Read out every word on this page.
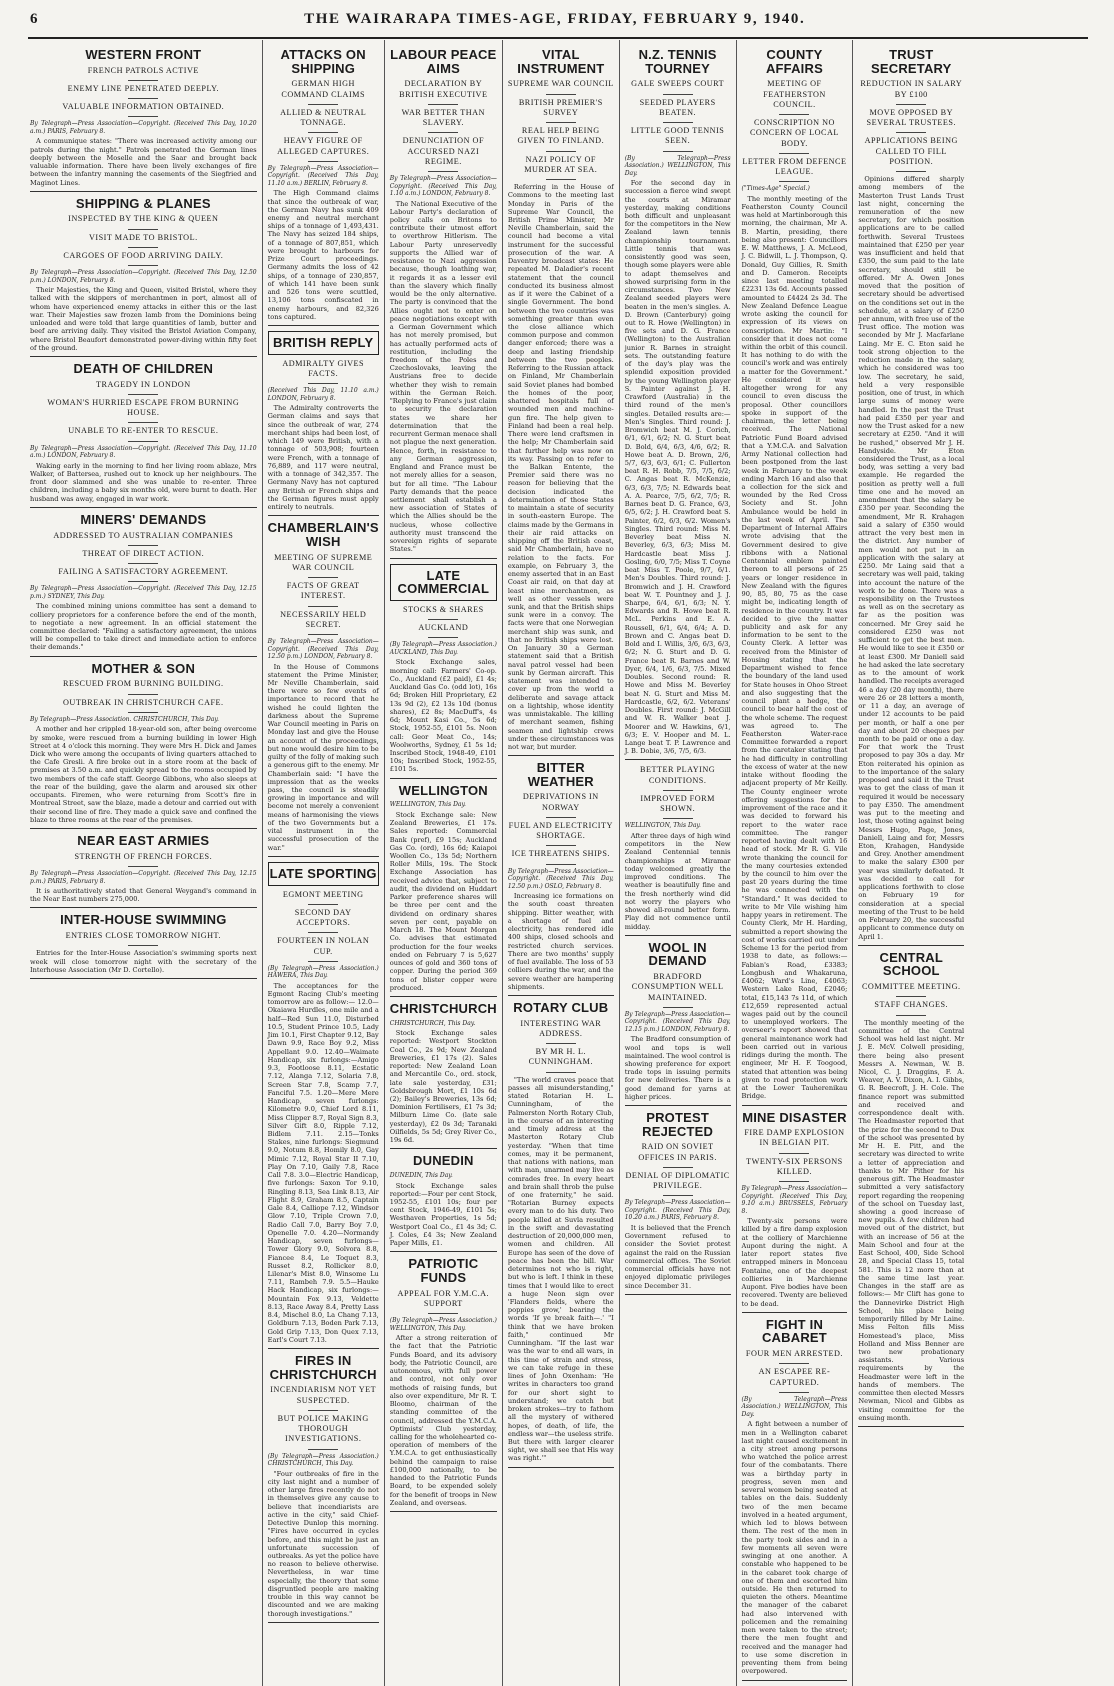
6	THE WAIRARAPA TIMES-AGE, FRIDAY, FEBRUARY 9, 1940.
WESTERN FRONT
FRENCH PATROLS ACTIVE
ENEMY LINE PENETRATED DEEPLY.
VALUABLE INFORMATION OBTAINED.
By Telegraph—Press Association—Copyright. (Received This Day, 10.20 a.m.) PARIS, February 8.

A communique states: "There was increased activity among our patrols during the night." Patrols penetrated the German lines deeply between the Moselle and the Saar and brought back valuable information. There have been lively exchanges of fire between the infantry manning the casements of the Siegfried and Maginot Lines.

SHIPPING & PLANES
INSPECTED BY THE KING & QUEEN
VISIT MADE TO BRISTOL.
CARGOES OF FOOD ARRIVING DAILY.
By Telegraph—Press Association—Copyright. (Received This Day, 12.50 p.m.) LONDON, February 8.

Their Majesties, the King and Queen, visited Bristol, where they talked with the skippers of merchantmen in port, almost all of whom have experienced enemy attacks in either this or the last war. Their Majesties saw frozen lamb from the Dominions being unloaded and were told that large quantities of lamb, butter and beef are arriving daily. They visited the Bristol Aviation Company, where Bristol Beaufort demonstrated power-diving within fifty feet of the ground.

DEATH OF CHILDREN
TRAGEDY IN LONDON
WOMAN'S HURRIED ESCAPE FROM BURNING HOUSE.
UNABLE TO RE-ENTER TO RESCUE.
By Telegraph—Press Association—Copyright. (Received This Day, 11.10 a.m.) LONDON, February 8.

Waking early in the morning to find her living room ablaze, Mrs Walker, of Battersea, rushed out to knock up her neighbours. The front door slammed and she was unable to re-enter. Three children, including a baby six months old, were burnt to death. Her husband was away, engaged in war work.

MINERS' DEMANDS
ADDRESSED TO AUSTRALIAN COMPANIES
THREAT OF DIRECT ACTION.
FAILING A SATISFACTORY AGREEMENT.
By Telegraph—Press Association—Copyright. (Received This Day, 12.15 p.m.) SYDNEY, This Day.

The combined mining unions committee has sent a demand to colliery proprietors for a conference before the end of the month, to negotiate a new agreement. In an official statement the committee declared: "Failing a satisfactory agreement, the unions will be compelled to take direct and immediate action to enforce their demands."

MOTHER & SON
RESCUED FROM BURNING BUILDING.
OUTBREAK IN CHRISTCHURCH CAFE.
By Telegraph—Press Association. CHRISTCHURCH, This Day.

A mother and her crippled 18-year-old son, after being overcome by smoke, were rescued from a burning building in lower High Street at 4 o'clock this morning. They were Mrs H. Dick and James Dick who were among the occupants of living quarters attached to the Cafe Gresli. A fire broke out in a store room at the back of premises at 3.50 a.m. and quickly spread to the rooms occupied by two members of the cafe staff. George Gibbons, who also sleeps at the rear of the building, gave the alarm and aroused six other occupants. Firemen, who were returning from Scott's fire in Montreal Street, saw the blaze, made a detour and carried out with their second line of fire. They made a quick save and confined the blaze to three rooms at the rear of the premises.

NEAR EAST ARMIES
STRENGTH OF FRENCH FORCES.
By Telegraph—Press Association—Copyright. (Received This Day, 12.15 p.m.) PARIS, February 8.

It is authoritatively stated that General Weygand's command in the Near East numbers 275,000.

INTER-HOUSE SWIMMING
ENTRIES CLOSE TOMORROW NIGHT.

Entries for the Inter-House Association's swimming sports next week will close tomorrow night with the secretary of the Interhouse Association (Mr D. Cortello).

ATTACKS ON SHIPPING
GERMAN HIGH COMMAND CLAIMS
ALLIED & NEUTRAL TONNAGE.
HEAVY FIGURE OF ALLEGED CAPTURES.
By Telegraph—Press Association—Copyright. (Received This Day, 11.10 a.m.) BERLIN, February 8.

The High Command claims that since the outbreak of war, the German Navy has sunk 409 enemy and neutral merchant ships of a tonnage of 1,493,431. The Navy has seized 184 ships, of a tonnage of 807,851, which were brought to harbours for Prize Court proceedings. Germany admits the loss of 42 ships, of a tonnage of 230,857, of which 141 have been sunk and 526 tons were scuttled, 13,106 tons confiscated in enemy harbours, and 82,326 tons captured.

BRITISH REPLY
ADMIRALTY GIVES FACTS.
(Received This Day, 11.10 a.m.) LONDON, February 8.

The Admiralty controverts the German claims and says that since the outbreak of war, 274 merchant ships had been lost, of which 149 were British, with a tonnage of 503,908; fourteen were French, with a tonnage of 76,889, and 117 were neutral, with a tonnage of 342,357. The Germany Navy has not captured any British or French ships and the German figures must apply entirely to neutrals.

CHAMBERLAIN'S WISH
MEETING OF SUPREME WAR COUNCIL
FACTS OF GREAT INTEREST.
NECESSARILY HELD SECRET.
By Telegraph—Press Association—Copyright. (Received This Day, 12.50 p.m.) LONDON, February 8.

In the House of Commons statement the Prime Minister, Mr Neville Chamberlain, said there were so few events of importance to record that he wished he could lighten the darkness about the Supreme War Council meeting in Paris on Monday last and give the House an account of the proceedings, but none would desire him to be guilty of the folly of making such a generous gift to the enemy. Mr Chamberlain said: "I have the impression that as the weeks pass, the council is steadily growing in importance and will become not merely a convenient means of harmonising the views of the two Governments but a vital instrument in the successful prosecution of the war."

LATE SPORTING
EGMONT MEETING
SECOND DAY ACCEPTORS.
FOURTEEN IN NOLAN CUP.
(By Telegraph—Press Association.) HAWERA, This Day.

The acceptances for the Egmont Racing Club's meeting tomorrow are as follow:— 12.0—Okaiawa Hurdles, one mile and a half—Red Sun 11.0, Disturbed 10.5, Student Prince 10.5, Lady Jim 10.1, First Chapter 9.12, Bay Dawn 9.9, Race Boy 9.2, Miss Appellant 9.0. 12.40—Waimate Handicap, six furlongs:—Amigo 9.3, Footloose 8.11, Ecstatic 7.12, Alanga 7.12, Solaria 7.8, Screen Star 7.8, Scamp 7.7, Fanciful 7.5. 1.20—Mere Mere Handicap, seven furlongs: Kilometre 9.0, Chief Lord 8.11, Miss Clipper 8.7, Royal Sign 8.3, Silver Gift 8.0, Ripple 7.12, Bidlem 7.11. 2.15—Tonks Stakes, nine furlongs: Siegmund 9.0, Notum 8.8, Homily 8.0, Gay Mimic 7.12, Royal Star II 7.10, Play On 7.10, Gaily 7.8, Race Call 7.8. 3.0—Electric Handicap, five furlongs: Saxon Tor 9.10, Ringling 8.13, Sea Link 8.13, Air Flight 8.9, Graham 8.5, Captain Gale 8.4, Calliope 7.12, Windsor Glow 7.10, Triple Crown 7.0, Radio Call 7.0, Barry Boy 7.0, Openelle 7.0. 4.20—Normandy Handicap, seven furlongs—Tower Glory 9.0, Solvora 8.8, Fiancee 8.4, Le Toquet 8.3, Russet 8.2, Rollicker 8.0, Lilenar's Mist 8.0, Winsome Lu 7.11, Rambeh 7.9. 5.5—Hauke Hack Handicap, six furlongs:—Mountain Fox 9.13, Veldette 8.13, Race Away 8.4, Pretty Lass 8.4, Mischel 8.0, La Chang 7.13, Goldburn 7.13, Boden Park 7.13, Gold Grip 7.13, Don Quex 7.13, Earl's Court 7.13.

FIRES IN CHRISTCHURCH
INCENDIARISM NOT YET SUSPECTED.
BUT POLICE MAKING THOROUGH INVESTIGATIONS.
(By Telegraph—Press Association.) CHRISTCHURCH, This Day.

"Four outbreaks of fire in the city last night and a number of other large fires recently do not in themselves give any cause to believe that incendiarists are active in the city," said Chief-Detective Dunlop this morning. "Fires have occurred in cycles before, and this might be just an unfortunate succession of outbreaks. As yet the police have no reason to believe otherwise. Nevertheless, in war time especially, the theory that some disgruntled people are making trouble in this way cannot be discounted and we are making thorough investigations."

LABOUR PEACE AIMS
DECLARATION BY BRITISH EXECUTIVE
WAR BETTER THAN SLAVERY.
DENUNCIATION OF ACCURSED NAZI REGIME.
By Telegraph—Press Association—Copyright. (Received This Day, 1.10 a.m.) LONDON, February 8.

The National Executive of the Labour Party's declaration of policy calls on Britons to contribute their utmost effort to overthrow Hitlerism. The Labour Party unreservedly supports the Allied war of resistance to Nazi aggression because, though loathing war, it regards it as a lesser evil than the slavery which finally would be the only alternative. The party is convinced that the Allies ought not to enter on peace negotiations except with a German Government which has not merely promised, but has actually performed acts of restitution, including the freedom of the Poles and Czechoslovaks, leaving the Austrians free to decide whether they wish to remain within the German Reich. "Replying to France's just claim to security the declaration states we share her determination that the recurrent German menace shall not plague the next generation. Hence, forth, in resistance to any German aggression, England and France must be not merely allies for a season, but for all time. "The Labour Party demands that the peace settlement shall establish a new association of States of which the Allies should be the nucleus, whose collective authority must transcend the sovereign rights of separate States."

LATE COMMERCIAL
STOCKS & SHARES
AUCKLAND
(By Telegraph—Press Association.) AUCKLAND, This Day.

Stock Exchange sales, morning call: Farmers' Co-op. Co., Auckland (£2 paid), £1 4s; Auckland Gas Co. (odd lot), 16s 6d; Broken Hill Proprietary, £2 13s 9d (2), £2 13s 10d (bonus shares), £2 8s; MacDuff's, 4s 6d; Mount Kasi Co., 5s 6d; Stock, 1952-55, £101 5s. Noon call: Geor Meat Co., 14s; Woolworths, Sydney, £1 5s 1d; Inscribed Stock, 1948-49, £101 10s; Inscribed Stock, 1952-55, £101 5s.

WELLINGTON
WELLINGTON, This Day.

Stock Exchange sale: New Zealand Breweries, £1 17s. Sales reported: Commercial Bank (pref), £9 15s; Auckland Gas Co. (ord), 16s 6d; Kaiapoi Woollen Co., 13s 5d; Northern Roller Mills, 19s. The Stock Exchange Association has received advice that, subject to audit, the dividend on Huddart Parker preference shares will be three per cent and the dividend on ordinary shares seven per cent, payable on March 18. The Mount Morgan Co. advises that estimated production for the four weeks ended on February 7 is 5,627 ounces of gold and 360 tons of copper. During the period 369 tons of blister copper were produced.

CHRISTCHURCH
CHRISTCHURCH, This Day.

Stock Exchange sales reported: Westport Stockton Coal Co., 2s 9d; New Zealand Breweries, £1 17s (2). Sales reported: New Zealand Loan and Mercantile Co., ord. stock, late sale yesterday, £31; Goldsbrough Mort, £1 10s 6d (2); Bailey's Breweries, 13s 6d; Dominion Fertilisers, £1 7s 3d; Milburn Lime Co. (late sale yesterday), £2 0s 3d; Taranaki Oilfields, 5s 5d; Grey River Co., 19s 6d.

DUNEDIN
DUNEDIN, This Day.

Stock Exchange sales reported:—Four per cent Stock, 1952-55, £101 10s; four per cent Stock, 1946-49, £101 5s; Westhaven Properties, 1s 5d; Westport Coal Co., £1 4s 3d; C. J. Coles, £4 3s; New Zealand Paper Mills, £1.

PATRIOTIC FUNDS
APPEAL FOR Y.M.C.A. SUPPORT
(By Telegraph—Press Association.) WELLINGTON, This Day.

After a strong reiteration of the fact that the Patriotic Funds Board, and its advisory body, the Patriotic Council, are autonomous, with full power and control, not only over methods of raising funds, but also over expenditure, Mr R. T. Bloomo, chairman of the standing committee of the council, addressed the Y.M.C.A. Optimists' Club yesterday, calling for the wholehearted co-operation of members of the Y.M.C.A. to get enthusiastically behind the campaign to raise £100,000 nationally, to be handed to the Patriotic Funds Board, to be expended solely for the benefit of troops in New Zealand, and overseas.

VITAL INSTRUMENT
SUPREME WAR COUNCIL
BRITISH PREMIER'S SURVEY
REAL HELP BEING GIVEN TO FINLAND.
NAZI POLICY OF MURDER AT SEA.

Referring in the House of Commons to the meeting last Monday in Paris of the Supreme War Council, the British Prime Minister, Mr Neville Chamberlain, said the council had become a vital instrument for the successful prosecution of the war. A Daventry broadcast states: He repeated M. Daladier's recent statement that the council conducted its business almost as if it were the Cabinet of a single Government. The bond between the two countries was something greater than even the close alliance which common purpose and common danger enforced; there was a deep and lasting friendship between the two peoples. Referring to the Russian attack on Finland, Mr Chamberlain said Soviet planes had bombed the homes of the poor, shattered hospitals full of wounded men and machine-gun fire. The help given to Finland had been a real help. There were lend craftsmen in the help; Mr Chamberlain said that further help was now on its way. Passing on to refer to the Balkan Entente, the Premier said there was no reason for believing that the decision indicated the determination of those States to maintain a state of security in south-eastern Europe. The claims made by the Germans in their air raid attacks on shipping off the British coast, said Mr Chamberlain, have no relation to the facts. For example, on February 3, the enemy asserted that in an East Coast air raid, on that day at least nine merchantmen, as well as other vessels were sunk, and that the British ships sunk were in a convoy. The facts were that one Norwegian merchant ship was sunk, and that no British ships were lost. On January 30 a German statement said that a British naval patrol vessel had been sunk by German aircraft. This statement was intended to cover up from the world a deliberate and savage attack on a lightship, whose identity was unmistakable. The killing of merchant seamen, fishing seamen and lightship crews under these circumstances was not war, but murder.

BITTER WEATHER
DEPRIVATIONS IN NORWAY
FUEL AND ELECTRICITY SHORTAGE.
ICE THREATENS SHIPS.
By Telegraph—Press Association—Copyright. (Received This Day, 12.50 p.m.) OSLO, February 8.

Increasing ice formations on the south coast threaten shipping. Bitter weather, with a shortage of fuel and electricity, has rendered idle 400 ships, closed schools and restricted church services. There are two months' supply of fuel available. The loss of 53 colliers during the war, and the severe weather are hampering shipments.

ROTARY CLUB
INTERESTING WAR ADDRESS.
BY MR H. L. CUNNINGHAM.

"The world craves peace that passes all misunderstanding," stated Rotarian H. L. Cunningham, of the Palmerston North Rotary Club, in the course of an interesting and timely address at the Masterton Rotary Club yesterday. "When that time comes, may it be permanent, that nations with nations, man with man, unarmed may live as comrades free. In every heart and brain shall throb the pulse of one fraternity," he said. "Rotarian Burney expects every man to do his duty. Two people killed at Suvla resulted in the swift and devastating destruction of 20,000,000 men, women and children. All Europe has seen of the dove of peace has been the bill. War determines not who is right, but who is left. I think in these times that I would like to erect a huge Neon sign over 'Flanders fields, where the poppies grow,' bearing the words 'If ye break faith—.' "I think that we have broken faith," continued Mr Cunningham. "If the last war was the war to end all wars, in this time of strain and stress, we can take refuge in these lines of John Oxenham: 'He writes in characters too grand for our short sight to understand; we catch but broken strokes—try to fathom all the mystery of withered hopes, of death, of life, the endless war—the useless strife. But there with larger clearer sight, we shall see that His way was right.'"

N.Z. TENNIS TOURNEY
GALE SWEEPS COURT
SEEDED PLAYERS BEATEN.
LITTLE GOOD TENNIS SEEN.
(By Telegraph—Press Association.) WELLINGTON, This Day.

For the second day in succession a fierce wind swept the courts at Miramar yesterday, making conditions both difficult and unpleasant for the competitors in the New Zealand lawn tennis championship tournament. Little tennis that was consistently good was seen, though some players were able to adapt themselves and showed surprising form in the circumstances. Two New Zealand seeded players were beaten in the men's singles. A. D. Brown (Canterbury) going out to R. Howe (Wellington) in five sets and D. G. France (Wellington) to the Australian junior R. Barnes in straight sets. The outstanding feature of the day's play was the splendid exposition provided by the young Wellington player S. Painter against J. H. Crawford (Australia) in the third round of the men's singles. Detailed results are:— Men's Singles. Third round: J. Bromwich beat M. J. Corich, 6/1, 6/1, 6/2; N. G. Sturt beat D. Bold, 6/4, 6/3, 4/6, 6/2; R. Howe beat A. D. Brown, 2/6, 5/7, 6/3, 6/3, 6/1; C. Fullerton beat R. H. Robb, 7/5, 7/5, 6/2; C. Angas beat R. McKenzie, 6/3, 6/3, 7/5; N. Edwards beat A. A. Pearce, 7/5, 6/2, 7/5; R. Barnes beat D. G. France, 6/3, 6/5, 6/2; J. H. Crawford beat S. Painter, 6/2, 6/3, 6/2. Women's Singles. Third round: Miss M. Beverley beat Miss N. Beverley, 6/3, 6/3; Miss M. Hardcastle beat Miss J. Gosling, 6/0, 7/5; Miss T. Coyne beat Miss T. Poole, 9/7, 6/1. Men's Doubles. Third round: J. Bromwich and J. H. Crawford beat W. T. Pountney and J. J. Sharpe, 6/4, 6/1, 6/3; N. Y. Edwards and R. Howe beat R. McL. Perkins and E. A. Roussell, 6/1, 6/4, 6/4; A. D. Brown and C. Angas beat D. Bold and I. Willis, 3/6, 6/3, 6/3, 6/2; N. G. Sturt and D. G. France beat R. Barnes and W. Dyer, 6/4, 1/6, 6/3, 7/5. Mixed Doubles. Second round: R. Howe and Miss M. Beverley beat N. G. Sturt and Miss M. Hardcastle, 6/2, 6/2. Veterans' Doubles. First round: J. McGill and W. R. Walker beat J. Moorer and W. Hawkins, 6/1, 6/3; E. V. Hooper and M. L. Lange beat T. P. Lawrence and J. B. Dobie, 3/6, 7/5, 6/3.

BETTER PLAYING CONDITIONS.
IMPROVED FORM SHOWN.
WELLINGTON, This Day.

After three days of high wind competitors in the New Zealand Centennial tennis championships at Miramar today welcomed greatly the improved conditions. The weather is beautifully fine and the fresh northerly wind did not worry the players who showed all-round better form. Play did not commence until midday.

WOOL IN DEMAND
BRADFORD CONSUMPTION WELL MAINTAINED.
By Telegraph—Press Association—Copyright. (Received This Day, 12.15 p.m.) LONDON, February 8.

The Bradford consumption of wool and tops is well maintained. The wool control is showing preference for export trade tops in issuing permits for new deliveries. There is a good demand for yarns at higher prices.

PROTEST REJECTED
RAID ON SOVIET OFFICES IN PARIS.
DENIAL OF DIPLOMATIC PRIVILEGE.
By Telegraph—Press Association—Copyright. (Received This Day, 10.20 a.m.) PARIS, February 8.

It is believed that the French Government refused to consider the Soviet protest against the raid on the Russian commercial offices. The Soviet commercial officials have not enjoyed diplomatic privileges since December 31.

COUNTY AFFAIRS
MEETING OF FEATHERSTON COUNCIL.
CONSCRIPTION NO CONCERN OF LOCAL BODY.
LETTER FROM DEFENCE LEAGUE.
("Times-Age" Special.)

The monthly meeting of the Featherston County Council was held at Martinborough this morning, the chairman, Mr A. B. Martin, presiding, there being also present: Councillors E. W. Matthews, J. A. McLeod, J. C. Bidwill, L. J. Thompson, Q. Donald, Guy Gillies, R. Smith and D. Cameron. Receipts since last meeting totalled £2231 13s 6d. Accounts passed amounted to £4424 2s 3d. The New Zealand Defence League wrote asking the council for expression of its views on conscription. Mr Martin: "I consider that it does not come within the orbit of this council. It has nothing to do with the council's work and was entirely a matter for the Government." He considered it was altogether wrong for any council to even discuss the proposal. Other councillors spoke in support of the chairman, the letter being received. The National Patriotic Fund Board advised that a Y.M.C.A. and Salvation Army National collection had been postponed from the last week in February to the week ending March 16 and also that a collection for the sick and wounded by the Red Cross Society and St. John Ambulance would be held in the last week of April. The Department of Internal Affairs wrote advising that the Government desired to give ribbons with a National Centennial emblem painted thereon to all persons of 25 years or longer residence in New Zealand with the figures 90, 85, 80, 75 as the case might be, indicating length of residence in the country. It was decided to give the matter publicity and ask for any information to be sent to the County Clerk. A letter was received from the Minister of Housing stating that the Department wished to fence the boundary of the land used for State houses in Ohoo Street and also suggesting that the council plant a hedge, the council to bear half the cost of the whole scheme. The request was agreed to. The Featherston Water-race Committee forwarded a report from the caretaker stating that he had difficulty in controlling the excess of water at the new intake without flooding the adjacent property of Mr Keilly. The County engineer wrote offering suggestions for the improvement of the race and it was decided to forward his report to the water race committee. The ranger reported having dealt with 16 head of stock. Mr R. G. Vile wrote thanking the council for the many courtesies extended by the council to him over the past 20 years during the time he was connected with the "Standard." It was decided to write to Mr Vile wishing him happy years in retirement. The County Clerk, Mr H. Harding, submitted a report showing the cost of works carried out under Scheme 13 for the period from 1938 to date, as follows:—Fabian's Road, £3383; Longbush and Whakaruna, £4062; Ward's Line, £4063; Western Lake Road, £2046; total, £15,143 7s 11d, of which £12,659 represented actual wages paid out by the council to unemployed workers. The overseer's report showed that general maintenance work had been carried out in various ridings during the month. The engineer, Mr H. F. Toogood, stated that attention was being given to road protection work at the Lower Tauherenikau Bridge.

MINE DISASTER
FIRE DAMP EXPLOSION IN BELGIAN PIT.
TWENTY-SIX PERSONS KILLED.
By Telegraph—Press Association—Copyright. (Received This Day, 9.10 a.m.) BRUSSELS, February 8.

Twenty-six persons were killed by a fire damp explosion at the colliery of Marchienne Aupont during the night. A later report states five entrapped miners in Monceau Fontaine, one of the deepest collieries in Marchienne Aupont. Five bodies have been recovered. Twenty are believed to be dead.

FIGHT IN CABARET
FOUR MEN ARRESTED.
AN ESCAPEE RE-CAPTURED.
(By Telegraph—Press Association.) WELLINGTON, This Day.

A fight between a number of men in a Wellington cabaret last night caused excitement in a city street among persons who watched the police arrest four of the combatants. There was a birthday party in progress, seven men and several women being seated at tables on the dais. Suddenly two of the men became involved in a heated argument, which led to blows between them. The rest of the men in the party took sides and in a few moments all seven were swinging at one another. A constable who happened to be in the cabaret took charge of one of them and escorted him outside. He then returned to quieten the others. Meantime the manager of the cabaret had also intervened with policemen and the remaining men were taken to the street; there the men fought and received and the manager had to use some discretion in preventing them from being overpowered.

TRUST SECRETARY
REDUCTION IN SALARY BY £100
MOVE OPPOSED BY SEVERAL TRUSTEES.
APPLICATIONS BEING CALLED TO FILL POSITION.

Opinions differed sharply among members of the Masterton Trust Lands Trust last night, concerning the remuneration of the new secretary, for which position applications are to be called forthwith. Several Trustees maintained that £250 per year was insufficient and held that £350, the sum paid to the late secretary, should still be offered. Mr A. Owen Jones moved that the position of secretary should be advertised on the conditions set out in the schedule, at a salary of £250 per annum, with free use of the Trust office. The motion was seconded by Mr J. Macfarlane Laing. Mr E. C. Eton said he took strong objection to the reduction made in the salary, which he considered was too low. The secretary, he said, held a very responsible position, one of trust, in which large sums of money were handled. In the past the Trust had paid £350 per year and now the Trust asked for a new secretary at £250. "And it will be rushed," observed Mr J. H. Handyside. Mr Eton considered the Trust, as a local body, was setting a very bad example. He regarded the position as pretty well a full time one and he moved an amendment that the salary be £350 per year. Seconding the amendment, Mr R. Krahagen said a salary of £350 would attract the very best men in the district. Any number of men would not put in an application with the salary at £250. Mr Laing said that a secretary was well paid, taking into account the nature of the work to be done. There was a responsibility on the Trustees as well as on the secretary as far as the position was concerned. Mr Grey said he considered £250 was not sufficient to get the best men. He would like to see it £350 or at least £300. Mr Daniell said he had asked the late secretary as to the amount of work handled. The receipts averaged 46 a day (20 day month), there were 26 or 28 letters a month, or 11 a day, an average of under 12 accounts to be paid per month, or half a one per day and about 20 cheques per month to be paid or one a day. For that work the Trust proposed to pay 30s a day. Mr Eton reiterated his opinion as to the importance of the salary proposed and said it the Trust was to get the class of man it required it would be necessary to pay £350. The amendment was put to the meeting and lost, those voting against being Messrs Hugo, Page, Jones, Daniell, Laing and for, Messrs Eton, Krahagen, Handyside and Grey. Another amendment to make the salary £300 per year was similarly defeated. It was decided to call for applications forthwith to close on February 19 for consideration at a special meeting of the Trust to be held on February 20, the successful applicant to commence duty on April 1.

CENTRAL SCHOOL
COMMITTEE MEETING.
STAFF CHANGES.

The monthly meeting of the committee of the Central School was held last night. Mr J. E. McV. Colwell presiding, there being also present Messrs A. Newman, W. B. Nicol, C. J. Draggins, F. A. Weaver, A. V. Dixon, A. I. Gibbs, G. R. Beecroft, J. H. Cole. The finance report was submitted and received and correspondence dealt with. The Headmaster reported that the prize for the second to Dux of the school was presented by Mr H. E. Pitt, and the secretary was directed to write a letter of appreciation and thanks to Mr Pither for his generous gift. The Headmaster submitted a very satisfactory report regarding the reopening of the school on Tuesday last, showing a good increase of new pupils. A few children had moved out of the district, but with an increase of 56 at the Main School and four at the East School, 400, Side School 28, and Special Class 15, total 581. This is 12 more than at the same time last year. Changes in the staff are as follows:— Mr Clift has gone to the Dannevirke District High School, his place being temporarily filled by Mr Laine. Miss Felton fills Miss Homestead's place, Miss Holland and Miss Benner are two new probationary assistants. Various requirements by the Headmaster were left in the hands of members. The committee then elected Messrs Newman, Nicol and Gibbs as visiting committee for the ensuing month.
